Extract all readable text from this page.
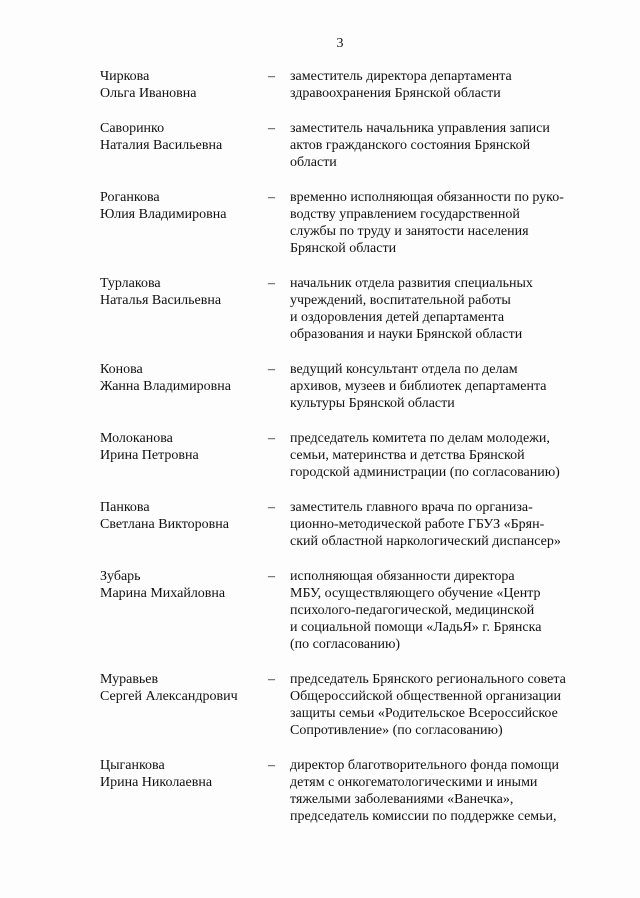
3
Чиркова
Ольга Ивановна
–	заместитель директора департамента
здравоохранения Брянской области
Саворинко
Наталия Васильевна
–	заместитель начальника управления записи
актов гражданского состояния Брянской
области
Роганкова
Юлия Владимировна
–	временно исполняющая обязанности по руко-
водству управлением государственной
службы по труду и занятости населения
Брянской области
Турлакова
Наталья Васильевна
–	начальник отдела развития специальных
учреждений, воспитательной работы
и оздоровления детей департамента
образования и науки Брянской области
Конова
Жанна Владимировна
–	ведущий консультант отдела по делам
архивов, музеев и библиотек департамента
культуры Брянской области
Молоканова
Ирина Петровна
–	председатель комитета по делам молодежи,
семьи, материнства и детства Брянской
городской администрации (по согласованию)
Панкова
Светлана Викторовна
–	заместитель главного врача по организа-
ционно-методической работе ГБУЗ «Брян-
ский областной наркологический диспансер»
Зубарь
Марина Михайловна
–	исполняющая обязанности директора
МБУ, осуществляющего обучение «Центр
психолого-педагогической, медицинской
и социальной помощи «ЛадьЯ» г. Брянска
(по согласованию)
Муравьев
Сергей Александрович
–	председатель Брянского регионального совета
Общероссийской общественной организации
защиты семьи «Родительское Всероссийское
Сопротивление» (по согласованию)
Цыганкова
Ирина Николаевна
–	директор благотворительного фонда помощи
детям с онкогематологическими и иными
тяжелыми заболеваниями «Ванечка»,
председатель комиссии по поддержке семьи,
